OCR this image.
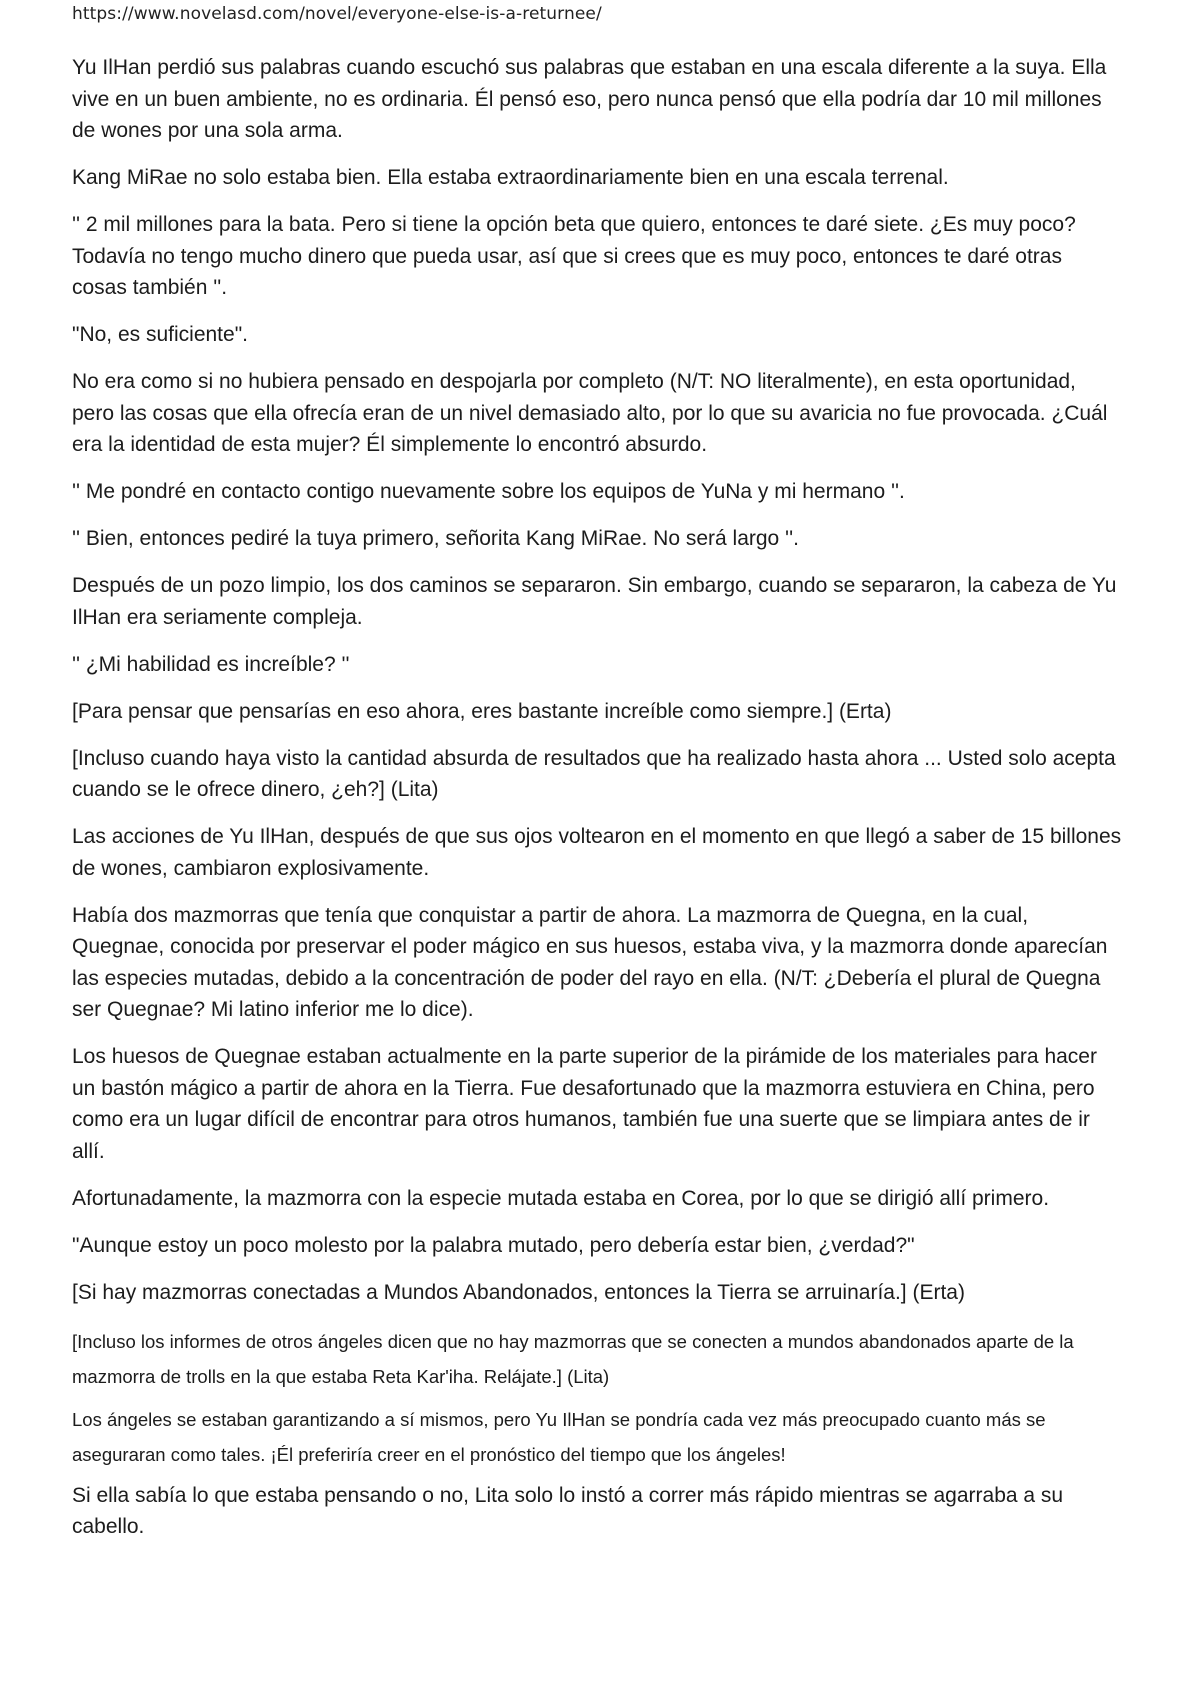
https://www.novelasd.com/novel/everyone-else-is-a-returnee/

Yu IlHan perdió sus palabras cuando escuchó sus palabras que estaban en una escala diferente a la suya. Ella vive en un buen ambiente, no es ordinaria. Él pensó eso, pero nunca pensó que ella podría dar 10 mil millones de wones por una sola arma.

Kang MiRae no solo estaba bien. Ella estaba extraordinariamente bien en una escala terrenal.

'' 2 mil millones para la bata. Pero si tiene la opción beta que quiero, entonces te daré siete. ¿Es muy poco? Todavía no tengo mucho dinero que pueda usar, así que si crees que es muy poco, entonces te daré otras cosas también ''.

"No, es suficiente".

No era como si no hubiera pensado en despojarla por completo (N/T: NO literalmente), en esta oportunidad, pero las cosas que ella ofrecía eran de un nivel demasiado alto, por lo que su avaricia no fue provocada. ¿Cuál era la identidad de esta mujer? Él simplemente lo encontró absurdo.

'' Me pondré en contacto contigo nuevamente sobre los equipos de YuNa y mi hermano ''.

'' Bien, entonces pediré la tuya primero, señorita Kang MiRae. No será largo ''.

Después de un pozo limpio, los dos caminos se separaron. Sin embargo, cuando se separaron, la cabeza de Yu IlHan era seriamente compleja.

'' ¿Mi habilidad es increíble? ''

[Para pensar que pensarías en eso ahora, eres bastante increíble como siempre.] (Erta)

[Incluso cuando haya visto la cantidad absurda de resultados que ha realizado hasta ahora ... Usted solo acepta cuando se le ofrece dinero, ¿eh?] (Lita)

Las acciones de Yu IlHan, después de que sus ojos voltearon en el momento en que llegó a saber de 15 billones de wones, cambiaron explosivamente.

Había dos mazmorras que tenía que conquistar a partir de ahora. La mazmorra de Quegna, en la cual, Quegnae, conocida por preservar el poder mágico en sus huesos, estaba viva, y la mazmorra donde aparecían las especies mutadas, debido a la concentración de poder del rayo en ella. (N/T: ¿Debería el plural de Quegna ser Quegnae? Mi latino inferior me lo dice).

Los huesos de Quegnae estaban actualmente en la parte superior de la pirámide de los materiales para hacer un bastón mágico a partir de ahora en la Tierra. Fue desafortunado que la mazmorra estuviera en China, pero como era un lugar difícil de encontrar para otros humanos, también fue una suerte que se limpiara antes de ir allí.

Afortunadamente, la mazmorra con la especie mutada estaba en Corea, por lo que se dirigió allí primero.

"Aunque estoy un poco molesto por la palabra mutado, pero debería estar bien, ¿verdad?"

[Si hay mazmorras conectadas a Mundos Abandonados, entonces la Tierra se arruinaría.] (Erta)

[Incluso los informes de otros ángeles dicen que no hay mazmorras que se conecten a mundos abandonados aparte de la mazmorra de trolls en la que estaba Reta Kar'iha. Relájate.] (Lita)

Los ángeles se estaban garantizando a sí mismos, pero Yu IlHan se pondría cada vez más preocupado cuanto más se aseguraran como tales. ¡Él preferiría creer en el pronóstico del tiempo que los ángeles!

Si ella sabía lo que estaba pensando o no, Lita solo lo instó a correr más rápido mientras se agarraba a su cabello.
